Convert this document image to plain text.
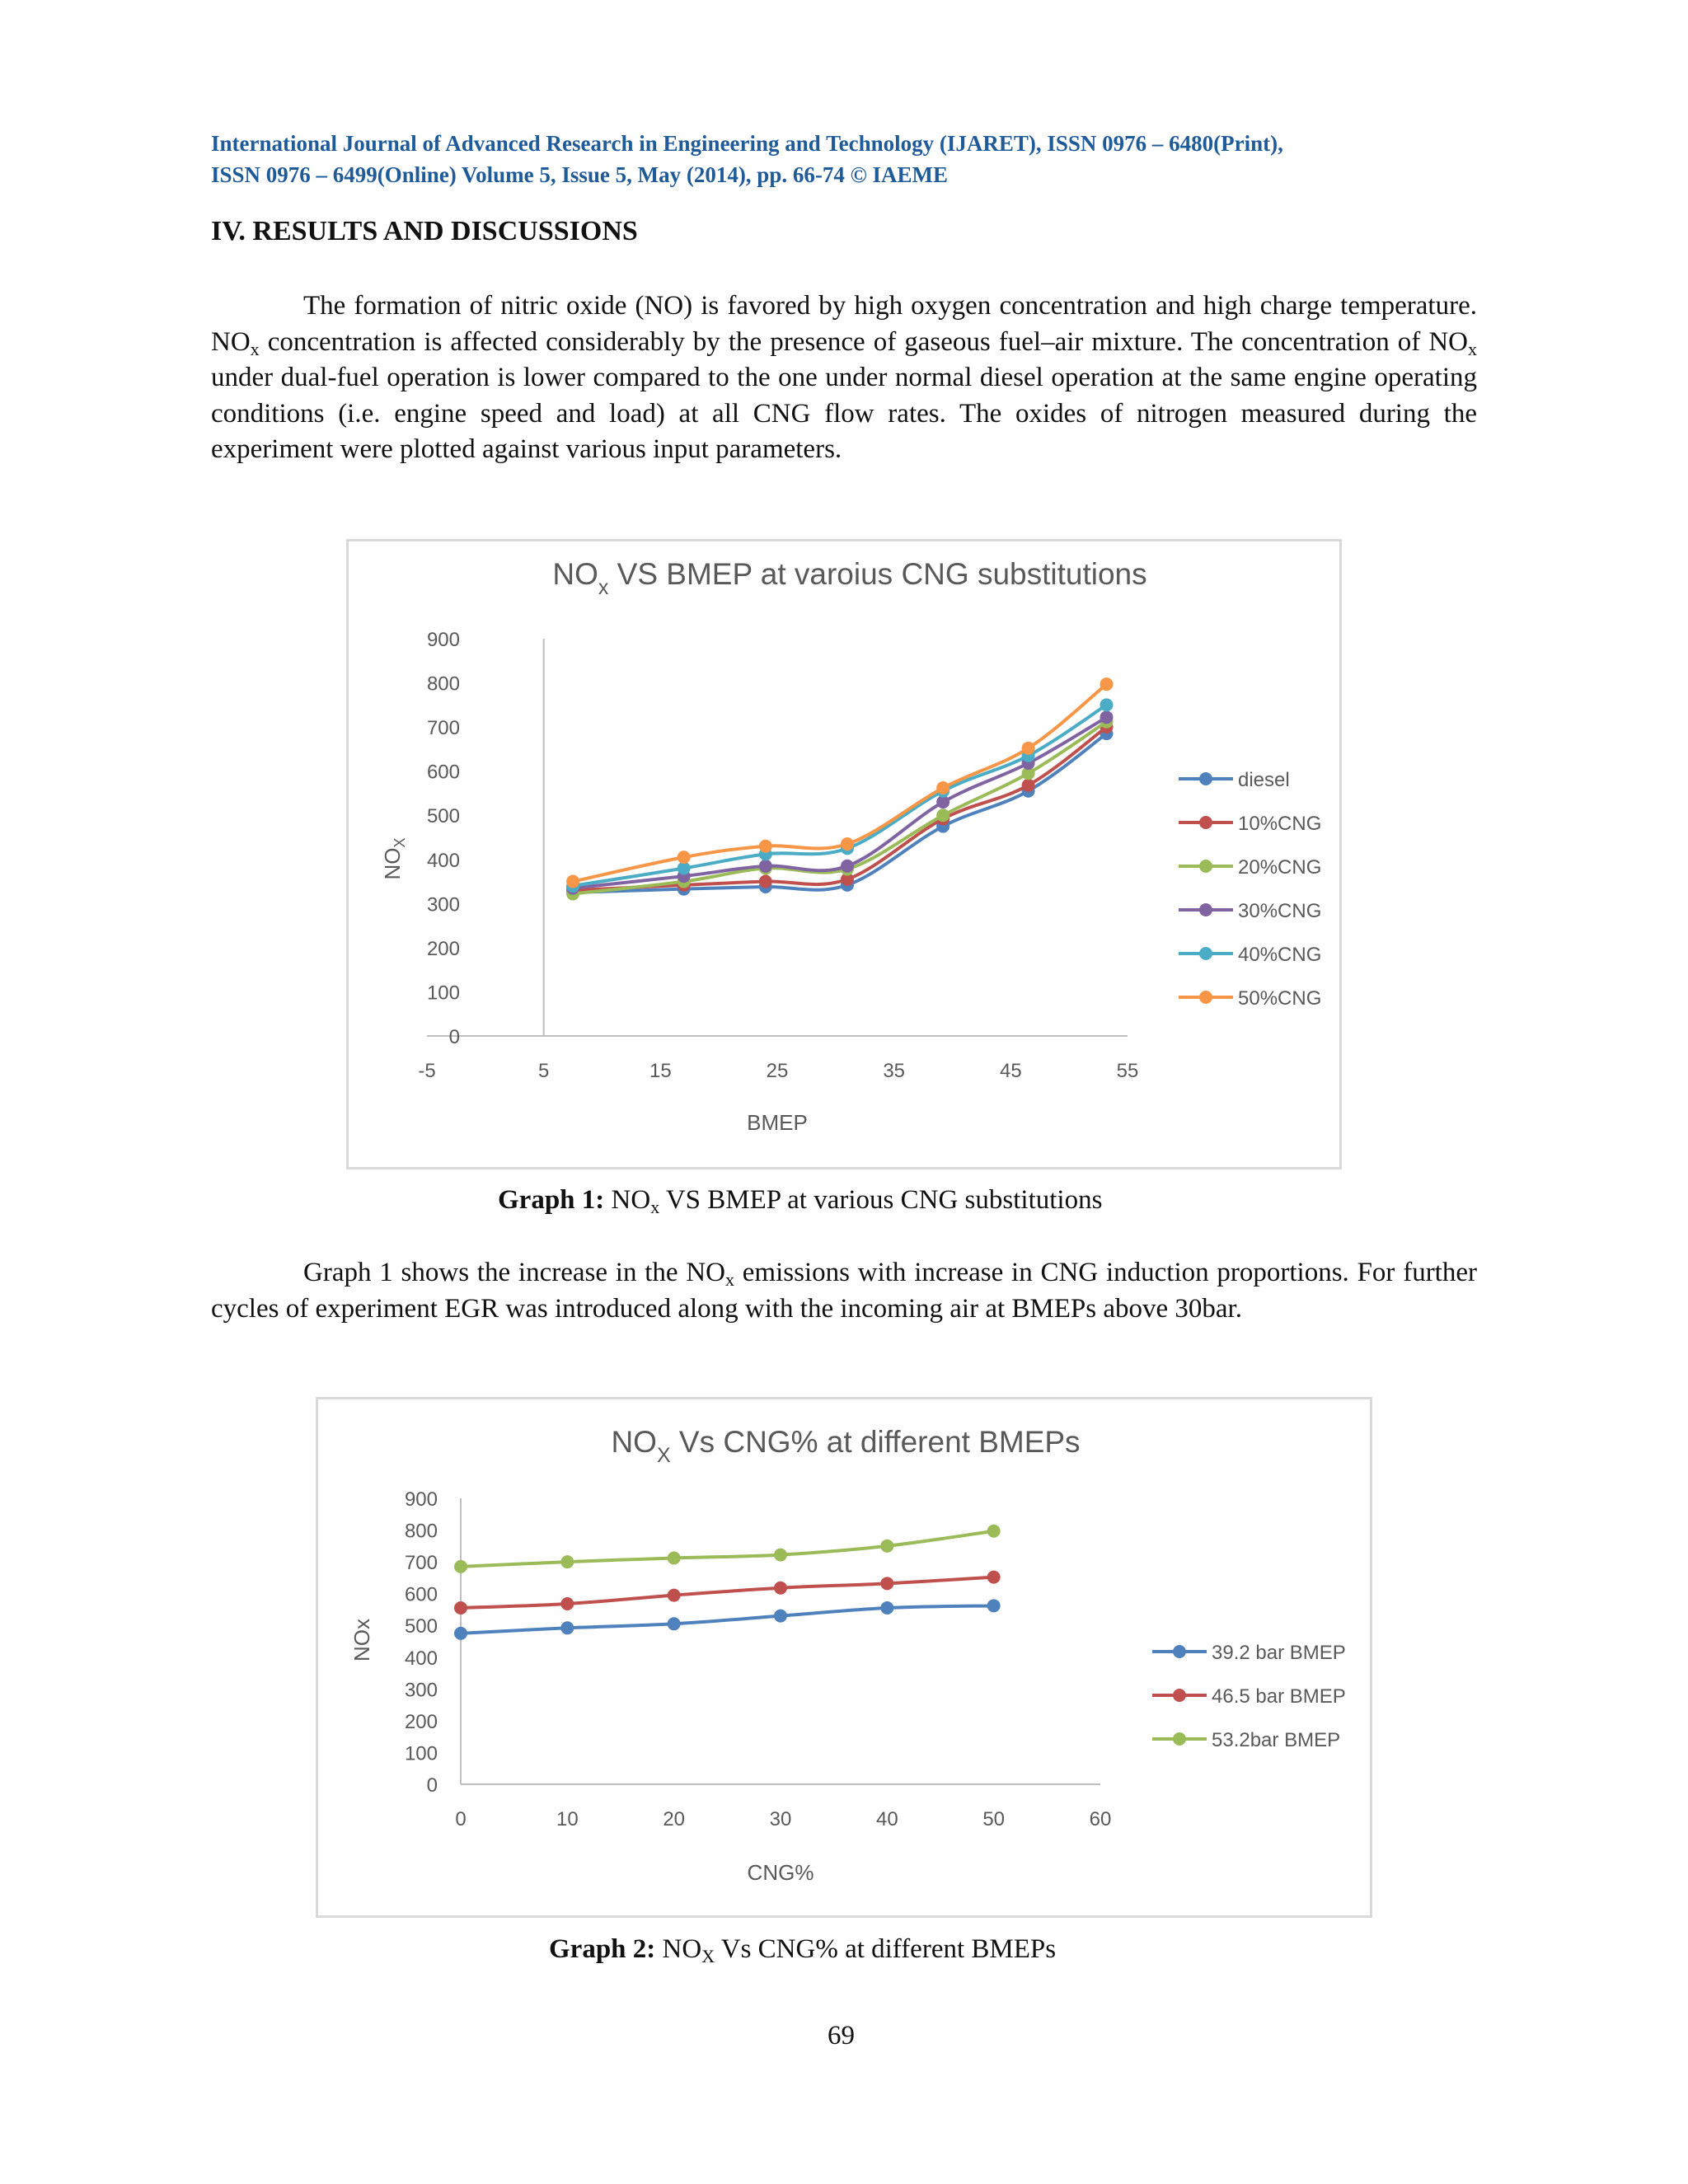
International Journal of Advanced Research in Engineering and Technology (IJARET), ISSN 0976 – 6480(Print),
ISSN 0976 – 6499(Online) Volume 5, Issue 5, May (2014), pp. 66-74 © IAEME
IV. RESULTS AND DISCUSSIONS

The formation of nitric oxide (NO) is favored by high oxygen concentration and high charge temperature. $NO_x$ concentration is affected considerably by the presence of gaseous fuel–air mixture. The concentration of $NO_x$ under dual-fuel operation is lower compared to the one under normal diesel operation at the same engine operating conditions (i.e. engine speed and load) at all CNG flow rates. The oxides of nitrogen measured during the experiment were plotted against various input parameters.

$NO_x$ VS BMEP at varoius CNG substitutions
0
100
200
300
400
500
600
700
800
900
-5	5	15	25	35	45	55
diesel
10%CNG
20%CNG
30%CNG
40%CNG
50%CNG
BMEP
$NO_X$
Graph 1: $NO_x$ VS BMEP at various CNG substitutions

Graph 1 shows the increase in the $NO_x$ emissions with increase in CNG induction proportions. For further cycles of experiment EGR was introduced along with the incoming air at BMEPs above 30bar.

$NO_X$ Vs CNG% at different BMEPs
0
100
200
300
400
500
600
700
800
900
0	10	20	30	40	50	60
39.2 bar BMEP
46.5 bar BMEP
53.2bar BMEP
CNG%
NOx
Graph 2: $NO_X$ Vs CNG% at different BMEPs
69
